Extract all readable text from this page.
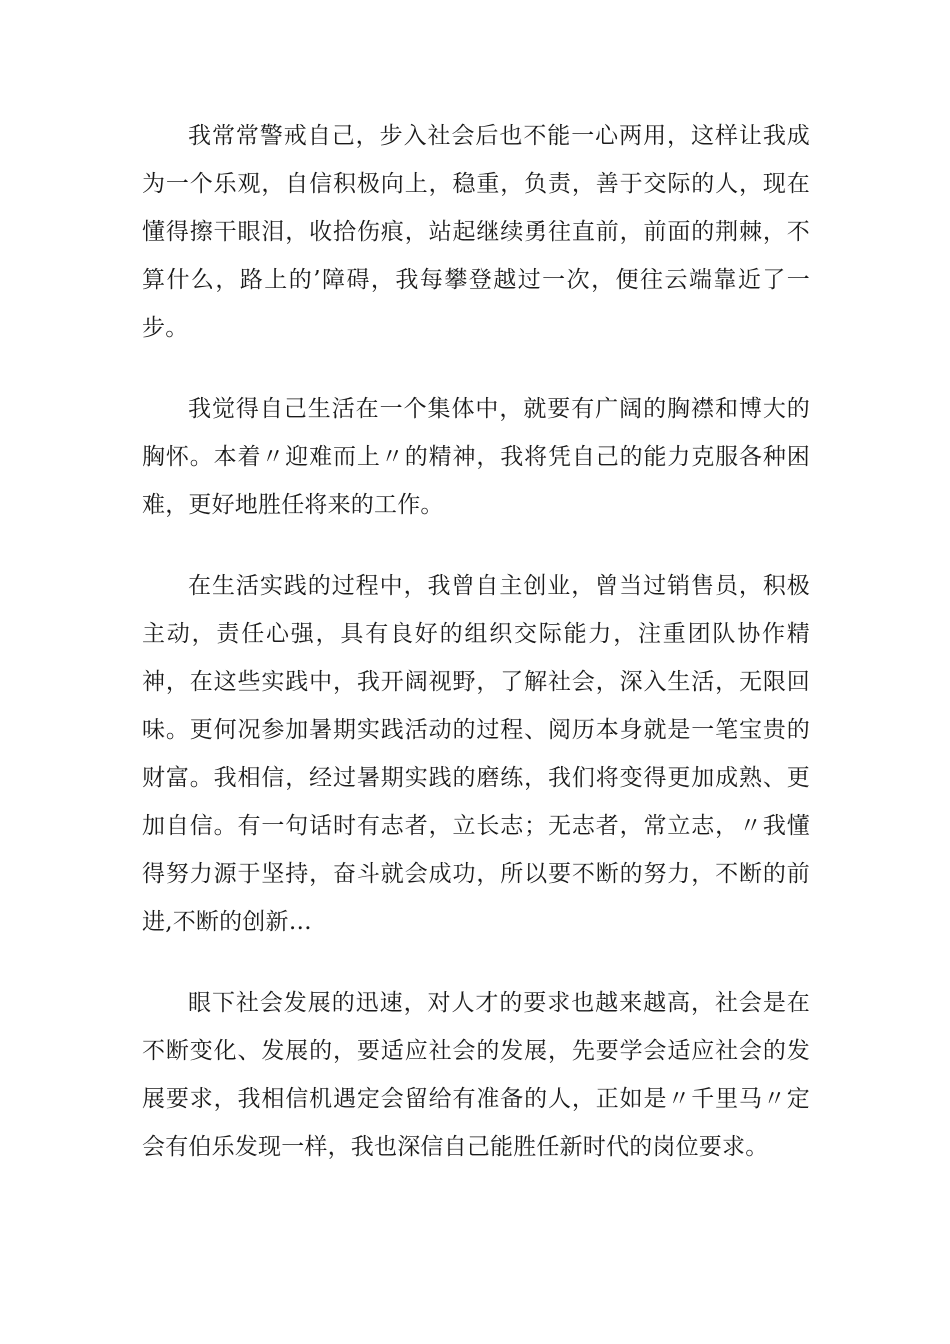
我常常警戒自己，步入社会后也不能一心两用，这样让我成为一个乐观，自信积极向上，稳重，负责，善于交际的人，现在懂得擦干眼泪，收拾伤痕，站起继续勇往直前，前面的荆棘，不算什么，路上的’障碍，我每攀登越过一次，便往云端靠近了一步。

我觉得自己生活在一个集体中，就要有广阔的胸襟和博大的胸怀。本着〃迎难而上〃的精神，我将凭自己的能力克服各种困难，更好地胜任将来的工作。

在生活实践的过程中，我曾自主创业，曾当过销售员，积极主动，责任心强，具有良好的组织交际能力，注重团队协作精神，在这些实践中，我开阔视野，了解社会，深入生活，无限回味。更何况参加暑期实践活动的过程、阅历本身就是一笔宝贵的财富。我相信，经过暑期实践的磨练，我们将变得更加成熟、更加自信。有一句话时有志者，立长志；无志者，常立志，〃我懂得努力源于坚持，奋斗就会成功，所以要不断的努力，不断的前进,不断的创新…

眼下社会发展的迅速，对人才的要求也越来越高，社会是在不断变化、发展的，要适应社会的发展，先要学会适应社会的发展要求，我相信机遇定会留给有准备的人，正如是〃千里马〃定会有伯乐发现一样，我也深信自己能胜任新时代的岗位要求。
